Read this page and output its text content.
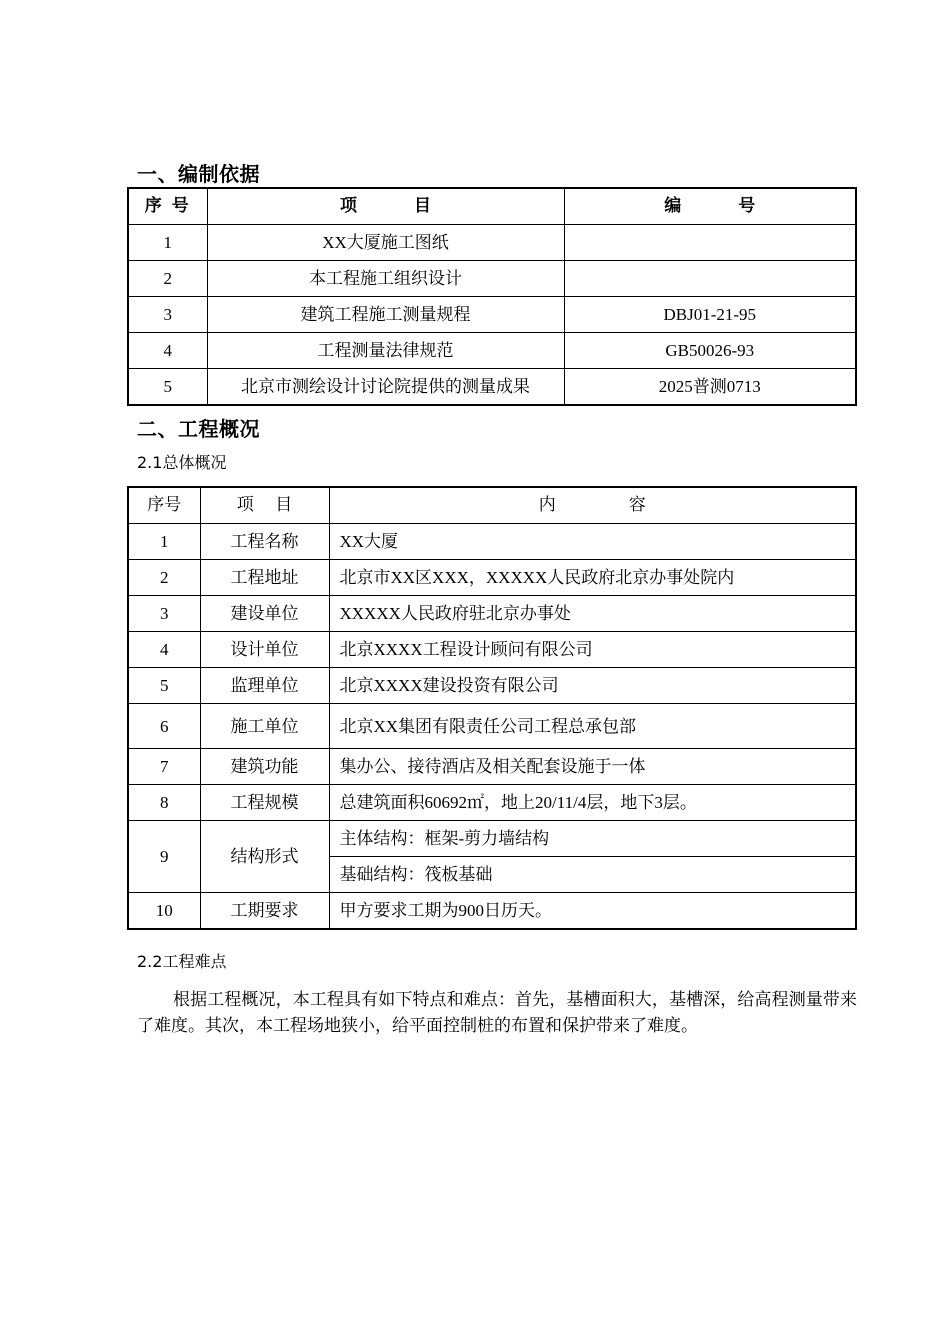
一、编制依据
序 号	项　目	编　号
1	XX大厦施工图纸	
2	本工程施工组织设计	
3	建筑工程施工测量规程	DBJ01-21-95
4	工程测量法律规范	GB50026-93
5	北京市测绘设计讨论院提供的测量成果	2025普测0713
二、工程概况

2.1总体概况

序号	项 目	内　容
1	工程名称	XX大厦
2	工程地址	北京市XX区XXX，XXXXX人民政府北京办事处院内
3	建设单位	XXXXX人民政府驻北京办事处
4	设计单位	北京XXXX工程设计顾问有限公司
5	监理单位	北京XXXX建设投资有限公司
6	施工单位	北京XX集团有限责任公司工程总承包部
7	建筑功能	集办公、接待酒店及相关配套设施于一体
8	工程规模	总建筑面积60692㎡，地上20/11/4层，地下3层。
9	结构形式	主体结构：框架-剪力墙结构
		基础结构：筏板基础
10	工期要求	甲方要求工期为900日历天。

2.2工程难点

根据工程概况，本工程具有如下特点和难点：首先，基槽面积大，基槽深，给高程测量带来了难度。其次，本工程场地狭小，给平面控制桩的布置和保护带来了难度。
